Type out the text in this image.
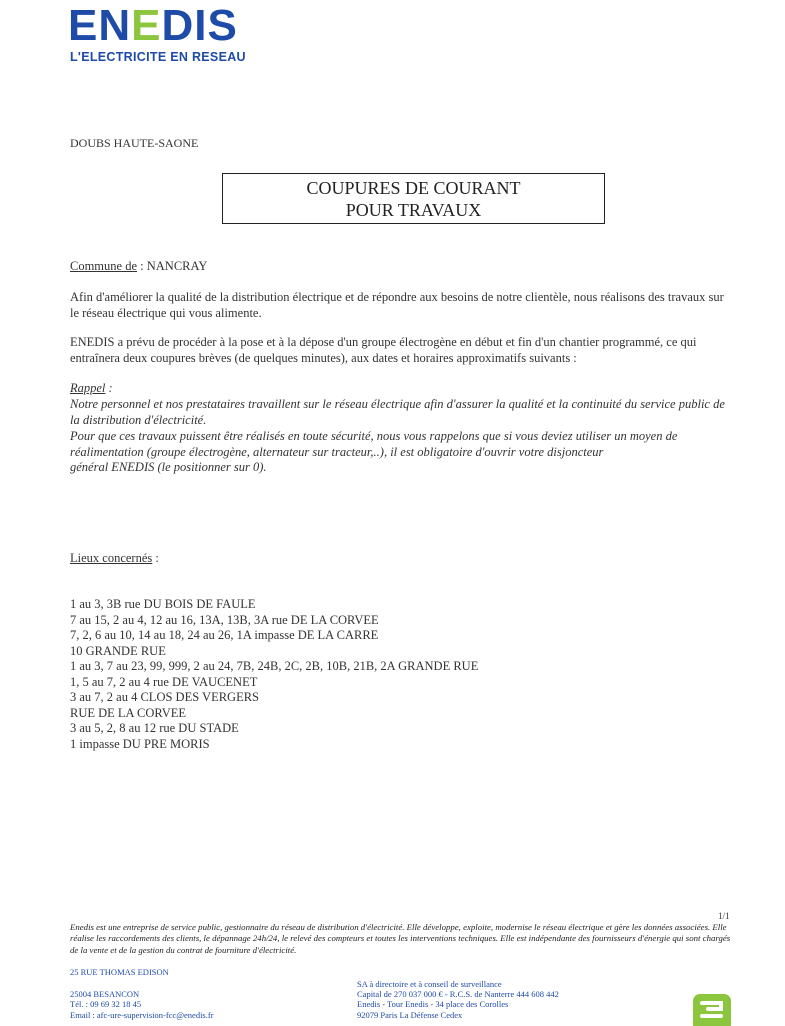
ENEDIS
L'ELECTRICITE EN RESEAU
DOUBS HAUTE-SAONE
COUPURES DE COURANT
POUR TRAVAUX
Commune de : NANCRAY
Afin d'améliorer la qualité de la distribution électrique et de répondre aux besoins de notre clientèle, nous réalisons des travaux sur le réseau électrique qui vous alimente.
ENEDIS a prévu de procéder à la pose et à la dépose d'un groupe électrogène en début et fin d'un chantier programmé, ce qui entraînera deux coupures brèves (de quelques minutes), aux dates et horaires approximatifs suivants :
Rappel :
Notre personnel et nos prestataires travaillent sur le réseau électrique afin d'assurer la qualité et la continuité du service public de la distribution d'électricité.
Pour que ces travaux puissent être réalisés en toute sécurité, nous vous rappelons que si vous deviez utiliser un moyen de réalimentation (groupe électrogène, alternateur sur tracteur,..), il est obligatoire d'ouvrir votre disjoncteur
général ENEDIS (le positionner sur 0).
Lieux concernés :
1 au 3, 3B rue DU BOIS DE FAULE
7 au 15, 2 au 4, 12 au 16, 13A, 13B, 3A rue DE LA CORVEE
7, 2, 6 au 10, 14 au 18, 24 au 26, 1A impasse DE LA CARRE
10 GRANDE RUE
1 au 3, 7 au 23, 99, 999, 2 au 24, 7B, 24B, 2C, 2B, 10B, 21B, 2A GRANDE RUE
1, 5 au 7, 2 au 4 rue DE VAUCENET
3 au 7, 2 au 4 CLOS DES VERGERS
RUE DE LA CORVEE
3 au 5, 2, 8 au 12 rue DU STADE
1 impasse DU PRE MORIS
1/1
Enedis est une entreprise de service public, gestionnaire du réseau de distribution d'électricité. Elle développe, exploite, modernise le réseau électrique et gère les données associées. Elle réalise les raccordements des clients, le dépannage 24h/24, le relevé des compteurs et toutes les interventions techniques. Elle est indépendante des fournisseurs d'énergie qui sont chargés de la vente et de la gestion du contrat de fourniture d'électricité.
25 RUE THOMAS EDISON
25004 BESANCON
Tél. : 09 69 32 18 45
Email : afc-ure-supervision-fcc@enedis.fr
SA à directoire et à conseil de surveillance
Capital de 270 037 000 € - R.C.S. de Nanterre 444 608 442
Enedis - Tour Enedis - 34 place des Corolles
92079 Paris La Défense Cedex
